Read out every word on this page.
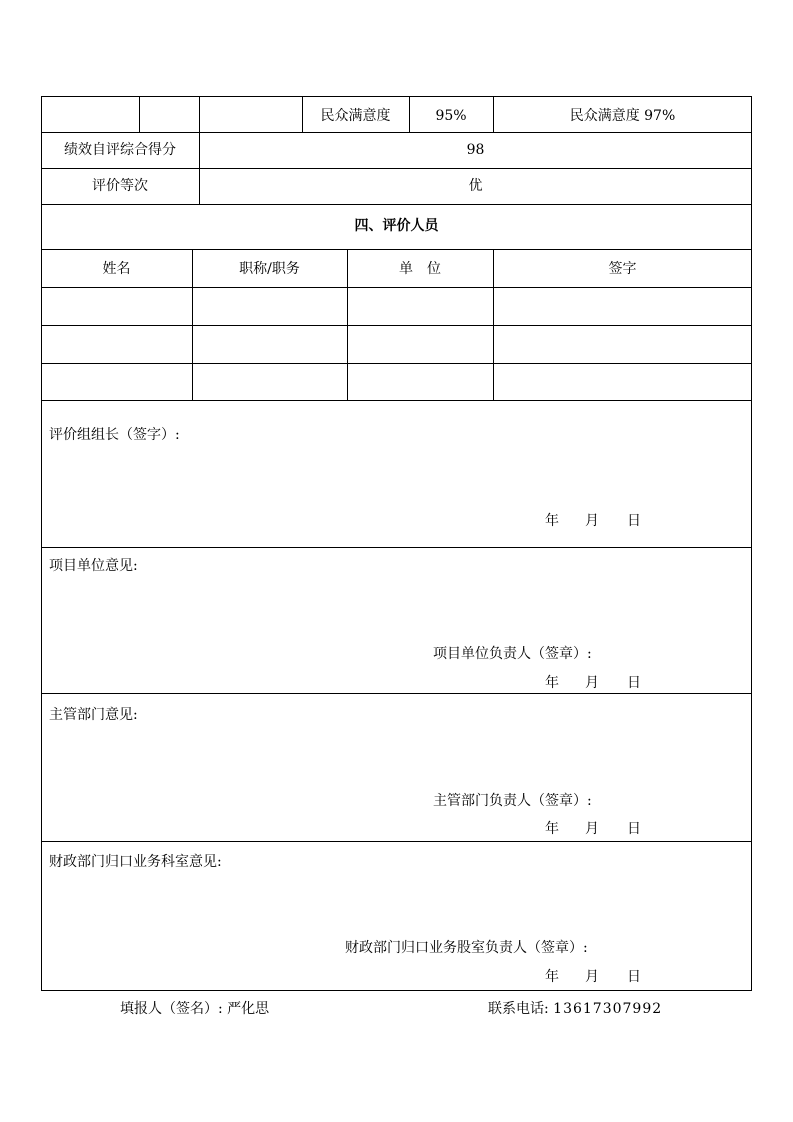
民众满意度	95%	民众满意度 97%
绩效自评综合得分	98
评价等次	优
四、评价人员
姓名	职称/职务	单　位	签字
评价组组长（签字）:
年 月 日
项目单位意见:
项目单位负责人（签章）:
年 月 日
主管部门意见:
主管部门负责人（签章）:
年 月 日
财政部门归口业务科室意见:
财政部门归口业务股室负责人（签章）:
年 月 日
填报人（签名）: 严化思	联系电话: 13617307992
